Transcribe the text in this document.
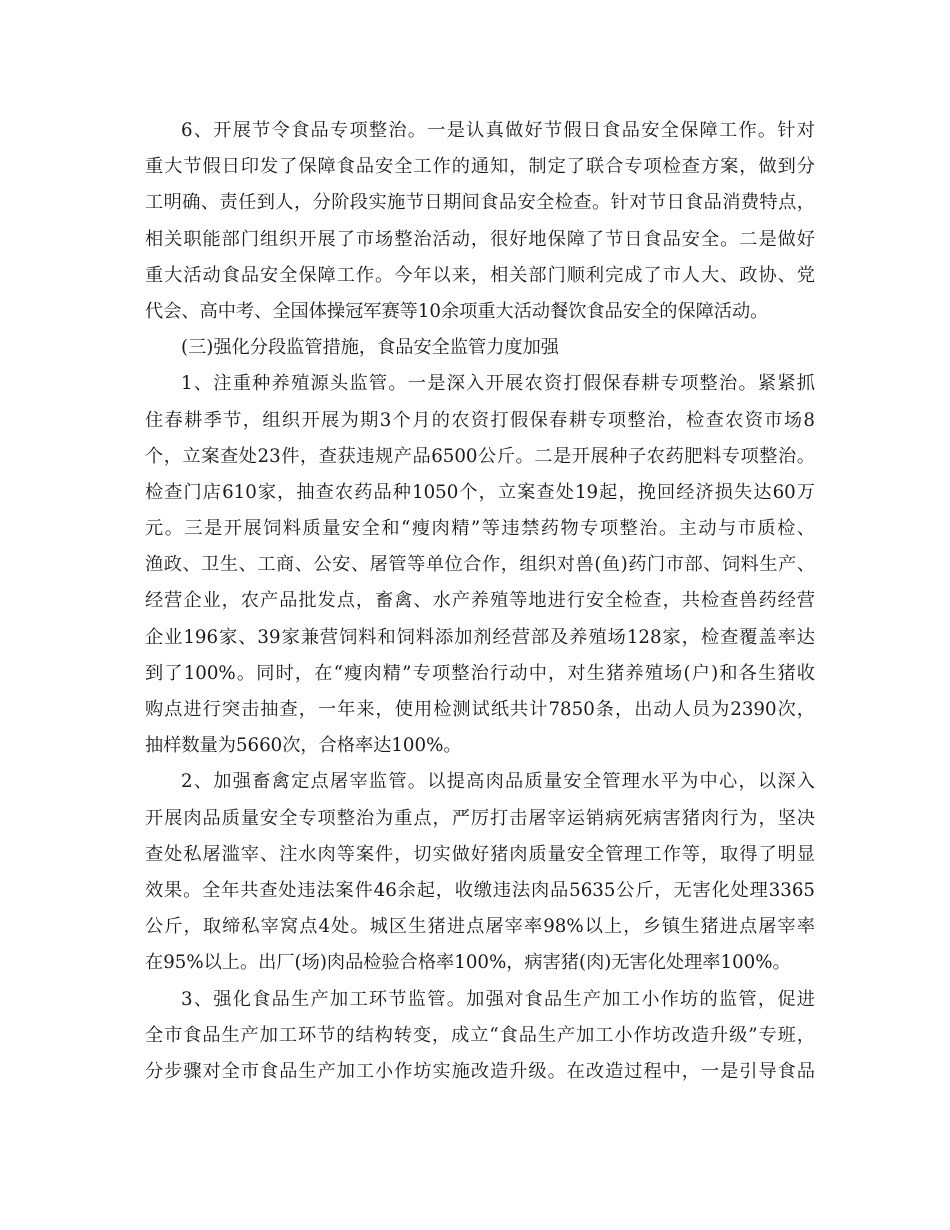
6、开展节令食品专项整治。一是认真做好节假日食品安全保障工作。针对
重大节假日印发了保障食品安全工作的通知，制定了联合专项检查方案，做到分
工明确、责任到人，分阶段实施节日期间食品安全检查。针对节日食品消费特点，
相关职能部门组织开展了市场整治活动，很好地保障了节日食品安全。二是做好
重大活动食品安全保障工作。今年以来，相关部门顺利完成了市人大、政协、党
代会、高中考、全国体操冠军赛等10余项重大活动餐饮食品安全的保障活动。
(三)强化分段监管措施，食品安全监管力度加强
1、注重种养殖源头监管。一是深入开展农资打假保春耕专项整治。紧紧抓
住春耕季节，组织开展为期3个月的农资打假保春耕专项整治，检查农资市场8
个，立案查处23件，查获违规产品6500公斤。二是开展种子农药肥料专项整治。
检查门店610家，抽查农药品种1050个，立案查处19起，挽回经济损失达60万
元。三是开展饲料质量安全和“瘦肉精”等违禁药物专项整治。主动与市质检、
渔政、卫生、工商、公安、屠管等单位合作，组织对兽(鱼)药门市部、饲料生产、
经营企业，农产品批发点，畜禽、水产养殖等地进行安全检查，共检查兽药经营
企业196家、39家兼营饲料和饲料添加剂经营部及养殖场128家，检查覆盖率达
到了100%。同时，在“瘦肉精”专项整治行动中，对生猪养殖场(户)和各生猪收
购点进行突击抽查，一年来，使用检测试纸共计7850条，出动人员为2390次，
抽样数量为5660次，合格率达100%。
2、加强畜禽定点屠宰监管。以提高肉品质量安全管理水平为中心，以深入
开展肉品质量安全专项整治为重点，严厉打击屠宰运销病死病害猪肉行为，坚决
查处私屠滥宰、注水肉等案件，切实做好猪肉质量安全管理工作等，取得了明显
效果。全年共查处违法案件46余起，收缴违法肉品5635公斤，无害化处理3365
公斤，取缔私宰窝点4处。城区生猪进点屠宰率98%以上，乡镇生猪进点屠宰率
在95%以上。出厂(场)肉品检验合格率100%，病害猪(肉)无害化处理率100%。
3、强化食品生产加工环节监管。加强对食品生产加工小作坊的监管，促进
全市食品生产加工环节的结构转变，成立“食品生产加工小作坊改造升级”专班，
分步骤对全市食品生产加工小作坊实施改造升级。在改造过程中，一是引导食品
